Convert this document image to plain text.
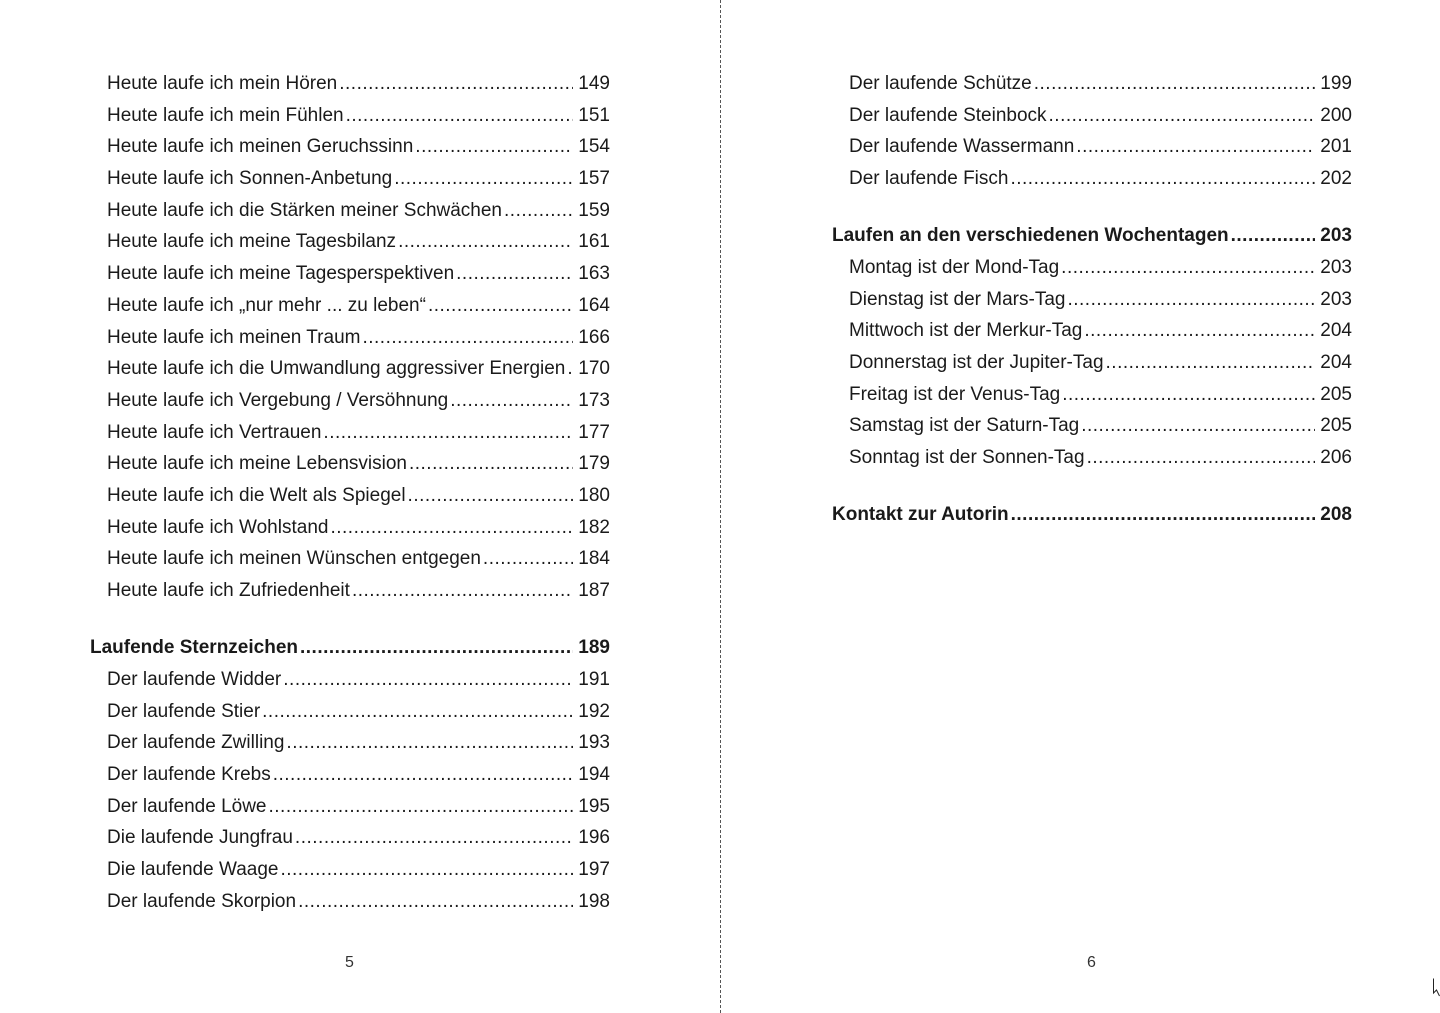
Heute laufe ich mein Hören .....	149
Heute laufe ich mein Fühlen .....	151
Heute laufe ich meinen Geruchssinn .....	154
Heute laufe ich Sonnen-Anbetung .....	157
Heute laufe ich die Stärken meiner Schwächen .....	159
Heute laufe ich meine Tagesbilanz .....	161
Heute laufe ich meine Tagesperspektiven .....	163
Heute laufe ich „nur mehr ... zu leben“ .....	164
Heute laufe ich meinen Traum .....	166
Heute laufe ich die Umwandlung aggressiver Energien ..... 170
Heute laufe ich Vergebung / Versöhnung .....	173
Heute laufe ich Vertrauen .....	177
Heute laufe ich meine Lebensvision .....	179
Heute laufe ich die Welt als Spiegel .....	180
Heute laufe ich Wohlstand .....	182
Heute laufe ich meinen Wünschen entgegen .....	184
Heute laufe ich Zufriedenheit .....	187
Laufende Sternzeichen .....	189
Der laufende Widder .....	191
Der laufende Stier .....	192
Der laufende Zwilling .....	193
Der laufende Krebs .....	194
Der laufende Löwe .....	195
Die laufende Jungfrau .....	196
Die laufende Waage .....	197
Der laufende Skorpion .....	198
5
Der laufende Schütze .....	199
Der laufende Steinbock .....	200
Der laufende Wassermann .....	201
Der laufende Fisch .....	202
Laufen an den verschiedenen Wochentagen .....	203
Montag ist der Mond-Tag .....	203
Dienstag ist der Mars-Tag .....	203
Mittwoch ist der Merkur-Tag .....	204
Donnerstag ist der Jupiter-Tag .....	204
Freitag ist der Venus-Tag .....	205
Samstag ist der Saturn-Tag .....	205
Sonntag ist der Sonnen-Tag .....	206
Kontakt zur Autorin .....	208
6
